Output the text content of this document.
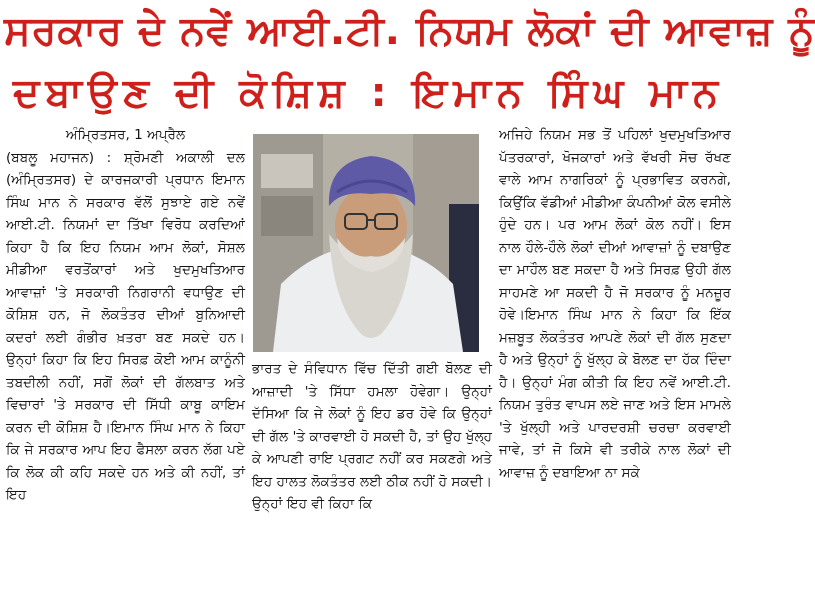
ਸਰਕਾਰ ਦੇ ਨਵੇਂ ਆਈ.ਟੀ. ਨਿਯਮ ਲੋਕਾਂ ਦੀ ਆਵਾਜ਼ ਨੂੰ
ਦਬਾਉਣ ਦੀ ਕੋਸ਼ਿਸ਼ : ਇਮਾਨ ਸਿੰਘ ਮਾਨ
ਅੰਮ੍ਰਿਤਸਰ, 1 ਅਪ੍ਰੈਲ

(ਬਬਲੂ ਮਹਾਜਨ) : ਸ਼੍ਰੋਮਣੀ ਅਕਾਲੀ ਦਲ (ਅੰਮ੍ਰਿਤਸਰ) ਦੇ ਕਾਰਜਕਾਰੀ ਪ੍ਰਧਾਨ ਇਮਾਨ ਸਿੰਘ ਮਾਨ ਨੇ ਸਰਕਾਰ ਵੱਲੋਂ ਸੁਝਾਏ ਗਏ ਨਵੇਂ ਆਈ.ਟੀ. ਨਿਯਮਾਂ ਦਾ ਤਿੱਖਾ ਵਿਰੋਧ ਕਰਦਿਆਂ ਕਿਹਾ ਹੈ ਕਿ ਇਹ ਨਿਯਮ ਆਮ ਲੋਕਾਂ, ਸੋਸ਼ਲ ਮੀਡੀਆ ਵਰਤੋਂਕਾਰਾਂ ਅਤੇ ਖੁਦਮੁਖਤਿਆਰ ਆਵਾਜ਼ਾਂ 'ਤੇ ਸਰਕਾਰੀ ਨਿਗਰਾਨੀ ਵਧਾਉਣ ਦੀ ਕੋਸ਼ਿਸ਼ ਹਨ, ਜੋ ਲੋਕਤੰਤਰ ਦੀਆਂ ਬੁਨਿਆਦੀ ਕਦਰਾਂ ਲਈ ਗੰਭੀਰ ਖ਼ਤਰਾ ਬਣ ਸਕਦੇ ਹਨ। ਉਨ੍ਹਾਂ ਕਿਹਾ ਕਿ ਇਹ ਸਿਰਫ਼ ਕੋਈ ਆਮ ਕਾਨੂੰਨੀ ਤਬਦੀਲੀ ਨਹੀਂ, ਸਗੋਂ ਲੋਕਾਂ ਦੀ ਗੱਲਬਾਤ ਅਤੇ ਵਿਚਾਰਾਂ 'ਤੇ ਸਰਕਾਰ ਦੀ ਸਿੱਧੀ ਕਾਬੂ ਕਾਇਮ ਕਰਨ ਦੀ ਕੋਸ਼ਿਸ਼ ਹੈ।ਇਮਾਨ ਸਿੰਘ ਮਾਨ ਨੇ ਕਿਹਾ ਕਿ ਜੇ ਸਰਕਾਰ ਆਪ ਇਹ ਫੈਸਲਾ ਕਰਨ ਲੱਗ ਪਏ ਕਿ ਲੋਕ ਕੀ ਕਹਿ ਸਕਦੇ ਹਨ ਅਤੇ ਕੀ ਨਹੀਂ, ਤਾਂ ਇਹ

ਭਾਰਤ ਦੇ ਸੰਵਿਧਾਨ ਵਿੱਚ ਦਿੱਤੀ ਗਈ ਬੋਲਣ ਦੀ ਆਜ਼ਾਦੀ 'ਤੇ ਸਿੱਧਾ ਹਮਲਾ ਹੋਵੇਗਾ। ਉਨ੍ਹਾਂ ਦੱਸਿਆ ਕਿ ਜੇ ਲੋਕਾਂ ਨੂੰ ਇਹ ਡਰ ਹੋਵੇ ਕਿ ਉਨ੍ਹਾਂ ਦੀ ਗੱਲ 'ਤੇ ਕਾਰਵਾਈ ਹੋ ਸਕਦੀ ਹੈ, ਤਾਂ ਉਹ ਖੁੱਲ੍ਹ ਕੇ ਆਪਣੀ ਰਾਇ ਪ੍ਰਗਟ ਨਹੀਂ ਕਰ ਸਕਣਗੇ ਅਤੇ ਇਹ ਹਾਲਤ ਲੋਕਤੰਤਰ ਲਈ ਠੀਕ ਨਹੀਂ ਹੋ ਸਕਦੀ।ਉਨ੍ਹਾਂ ਇਹ ਵੀ ਕਿਹਾ ਕਿ

ਅਜਿਹੇ ਨਿਯਮ ਸਭ ਤੋਂ ਪਹਿਲਾਂ ਖੁਦਮੁਖਤਿਆਰ ਪੱਤਰਕਾਰਾਂ, ਖੋਜਕਾਰਾਂ ਅਤੇ ਵੱਖਰੀ ਸੋਚ ਰੱਖਣ ਵਾਲੇ ਆਮ ਨਾਗਰਿਕਾਂ ਨੂੰ ਪ੍ਰਭਾਵਿਤ ਕਰਨਗੇ, ਕਿਉਂਕਿ ਵੱਡੀਆਂ ਮੀਡੀਆ ਕੰਪਨੀਆਂ ਕੋਲ ਵਸੀਲੇ ਹੁੰਦੇ ਹਨ। ਪਰ ਆਮ ਲੋਕਾਂ ਕੋਲ ਨਹੀਂ। ਇਸ ਨਾਲ ਹੌਲੇ-ਹੌਲੇ ਲੋਕਾਂ ਦੀਆਂ ਆਵਾਜ਼ਾਂ ਨੂੰ ਦਬਾਉਣ ਦਾ ਮਾਹੌਲ ਬਣ ਸਕਦਾ ਹੈ ਅਤੇ ਸਿਰਫ਼ ਉਹੀ ਗੱਲ ਸਾਹਮਣੇ ਆ ਸਕਦੀ ਹੈ ਜੋ ਸਰਕਾਰ ਨੂੰ ਮਨਜ਼ੂਰ ਹੋਵੇ।ਇਮਾਨ ਸਿੰਘ ਮਾਨ ਨੇ ਕਿਹਾ ਕਿ ਇੱਕ ਮਜ਼ਬੂਤ ਲੋਕਤੰਤਰ ਆਪਣੇ ਲੋਕਾਂ ਦੀ ਗੱਲ ਸੁਣਦਾ ਹੈ ਅਤੇ ਉਨ੍ਹਾਂ ਨੂੰ ਖੁੱਲ੍ਹ ਕੇ ਬੋਲਣ ਦਾ ਹੱਕ ਦਿੰਦਾ ਹੈ। ਉਨ੍ਹਾਂ ਮੰਗ ਕੀਤੀ ਕਿ ਇਹ ਨਵੇਂ ਆਈ.ਟੀ. ਨਿਯਮ ਤੁਰੰਤ ਵਾਪਸ ਲਏ ਜਾਣ ਅਤੇ ਇਸ ਮਾਮਲੇ 'ਤੇ ਖੁੱਲ੍ਹੀ ਅਤੇ ਪਾਰਦਰਸ਼ੀ ਚਰਚਾ ਕਰਵਾਈ ਜਾਵੇ, ਤਾਂ ਜੋ ਕਿਸੇ ਵੀ ਤਰੀਕੇ ਨਾਲ ਲੋਕਾਂ ਦੀ ਆਵਾਜ਼ ਨੂੰ ਦਬਾਇਆ ਨਾ ਸਕੇ
